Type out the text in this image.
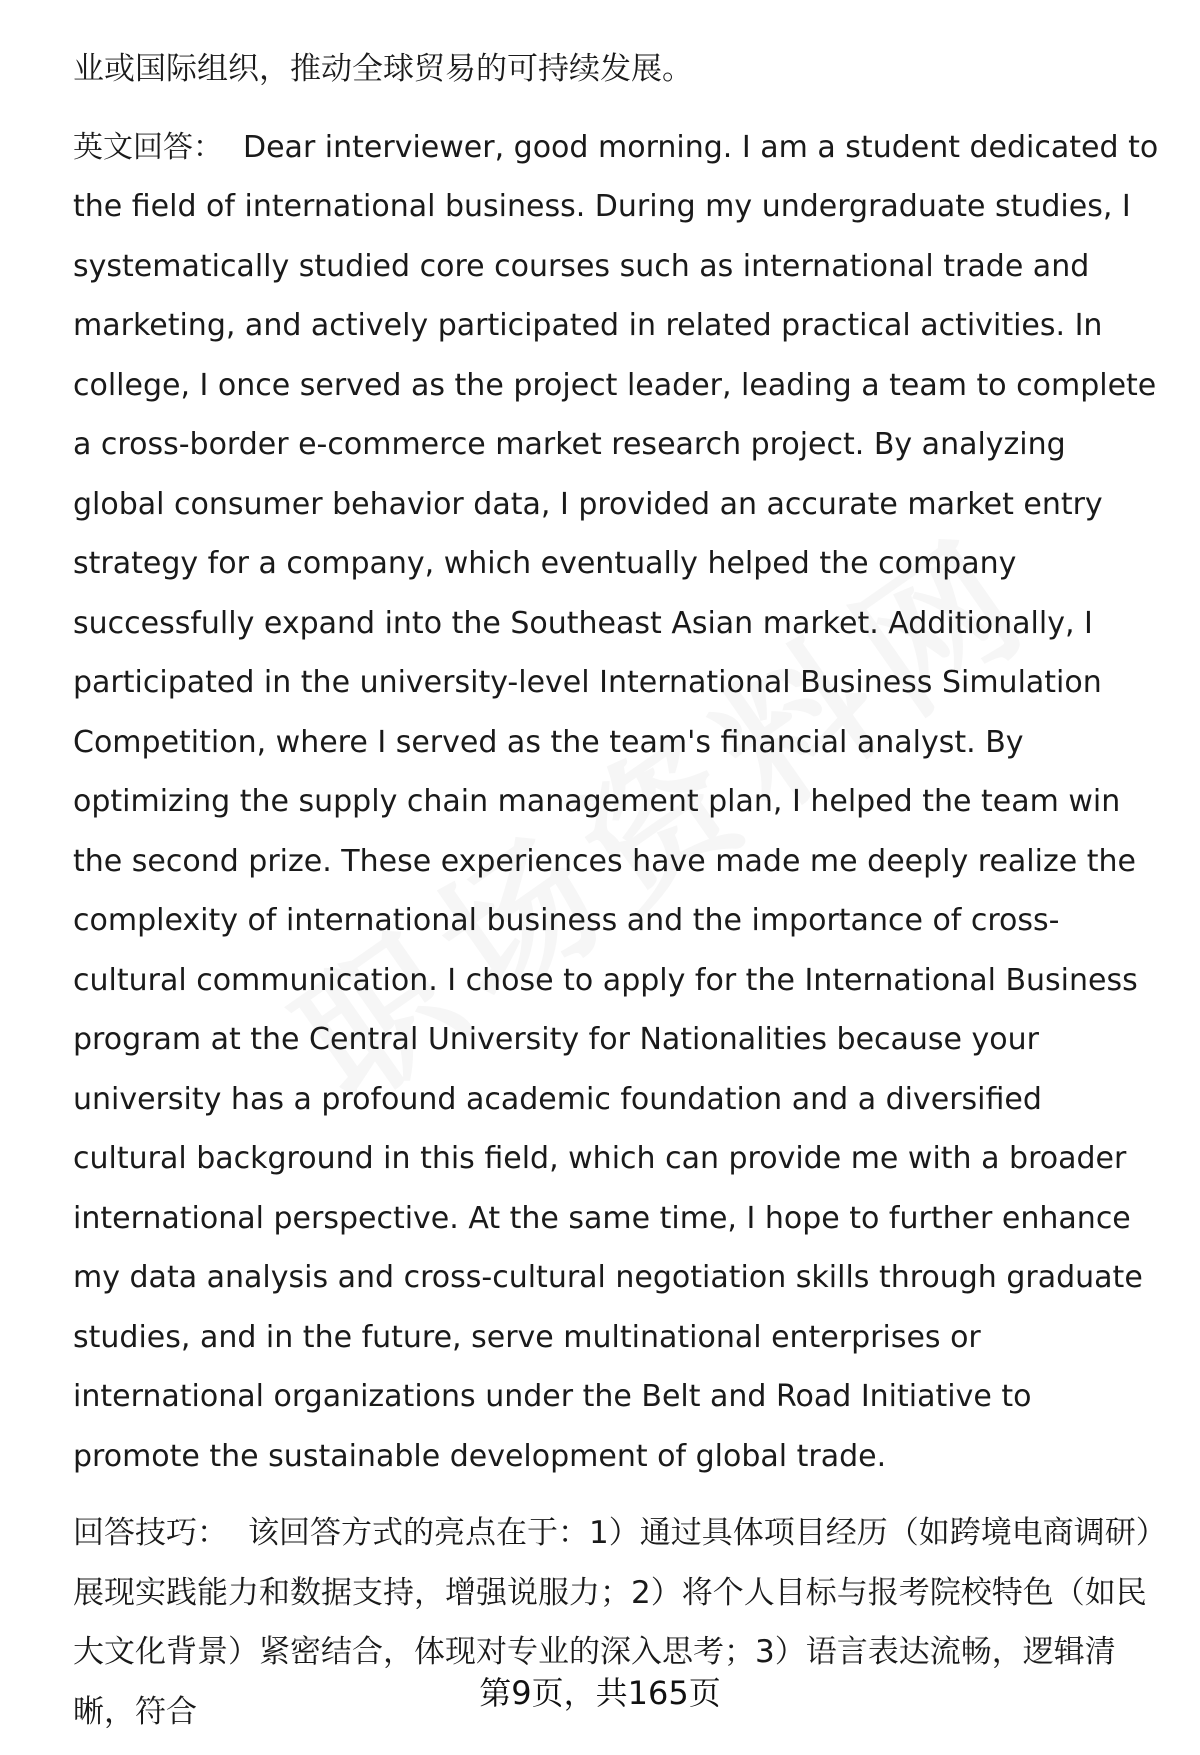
业或国际组织，推动全球贸易的可持续发展。

英文回答： Dear interviewer, good morning. I am a student dedicated to the field of international business. During my undergraduate studies, I systematically studied core courses such as international trade and marketing, and actively participated in related practical activities. In college, I once served as the project leader, leading a team to complete a cross-border e-commerce market research project. By analyzing global consumer behavior data, I provided an accurate market entry strategy for a company, which eventually helped the company successfully expand into the Southeast Asian market. Additionally, I participated in the university-level International Business Simulation Competition, where I served as the team's financial analyst. By optimizing the supply chain management plan, I helped the team win the second prize. These experiences have made me deeply realize the complexity of international business and the importance of cross-cultural communication. I chose to apply for the International Business program at the Central University for Nationalities because your university has a profound academic foundation and a diversified cultural background in this field, which can provide me with a broader international perspective. At the same time, I hope to further enhance my data analysis and cross-cultural negotiation skills through graduate studies, and in the future, serve multinational enterprises or international organizations under the Belt and Road Initiative to promote the sustainable development of global trade.

回答技巧： 该回答方式的亮点在于：1）通过具体项目经历（如跨境电商调研）展现实践能力和数据支持，增强说服力；2）将个人目标与报考院校特色（如民大文化背景）紧密结合，体现对专业的深入思考；3）语言表达流畅，逻辑清晰，符合	第9页，共165页
